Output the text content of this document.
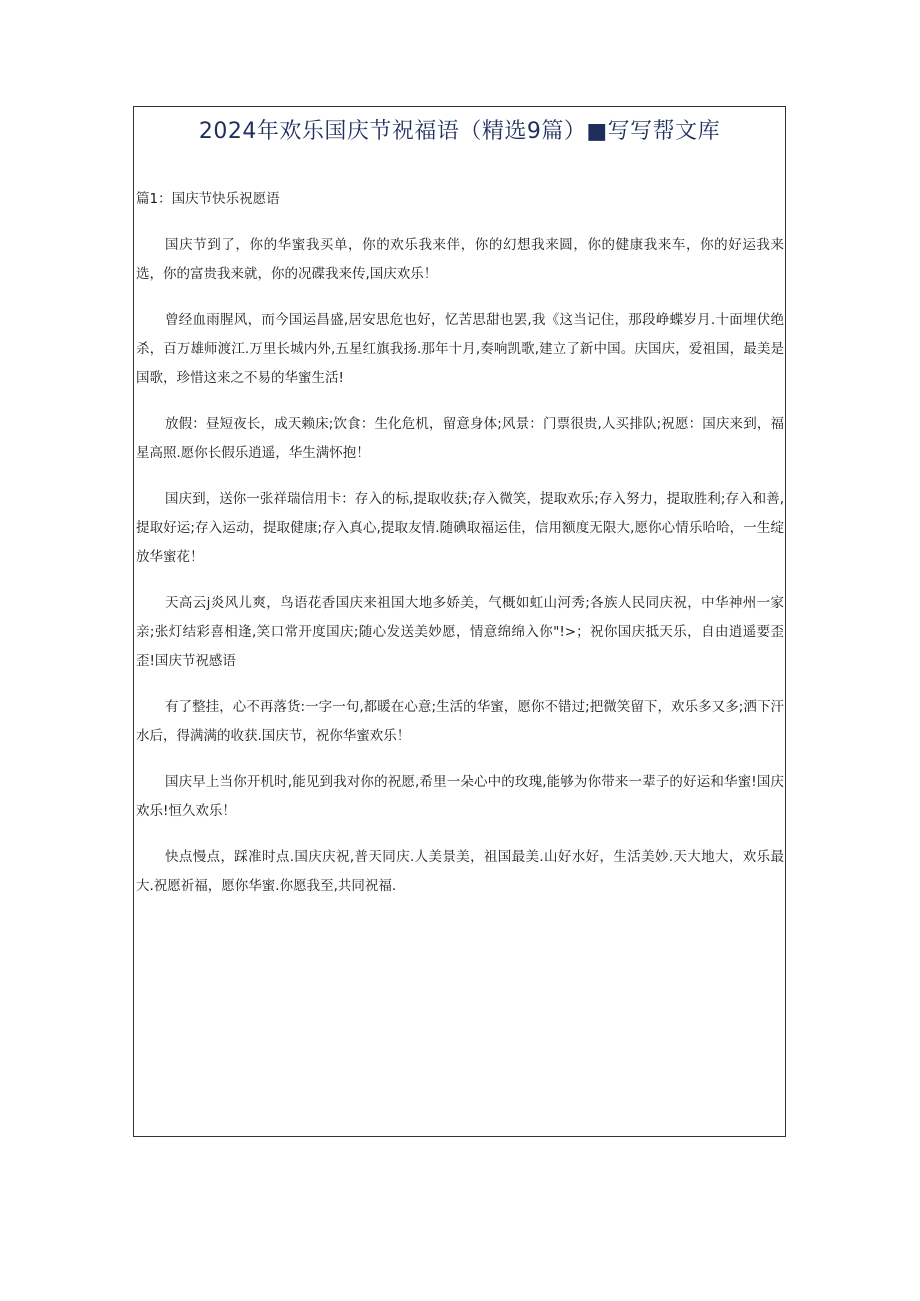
2024年欢乐国庆节祝福语（精选9篇）■写写帮文库
篇1：国庆节快乐祝愿语

国庆节到了，你的华蜜我买单，你的欢乐我来伴，你的幻想我来圆，你的健康我来车，你的好运我来选，你的富贵我来就，你的况碟我来传,国庆欢乐！

曾经血雨腥风，而今国运昌盛,居安思危也好，忆苦思甜也罢,我《这当记住，那段峥蝶岁月.十面埋伏绝杀，百万雄师渡江.万里长城内外,五星红旗我扬.那年十月,奏响凯歌,建立了新中国。庆国庆，爱祖国，最美是国歌，珍惜这来之不易的华蜜生活!

放假：昼短夜长，成天赖床;饮食：生化危机，留意身体;风景：门票很贵,人买排队;祝愿：国庆来到，福星高照.愿你长假乐逍遥，华生满怀抱！

国庆到，送你一张祥瑞信用卡：存入的标,提取收获;存入微笑，提取欢乐;存入努力，提取胜利;存入和善,提取好运;存入运动，提取健康;存入真心,提取友情.随碘取福运佳，信用额度无限大,愿你心情乐哈哈，一生绽放华蜜花！

天高云j炎风儿爽，鸟语花香国庆来祖国大地多娇美，气概如虹山河秀;各族人民同庆祝，中华神州一家亲;张灯结彩喜相逢,笑口常开度国庆;随心发送美妙愿，情意绵绵入你"!>；祝你国庆抵天乐，自由逍遥要歪歪!国庆节祝感语

有了整挂，心不再落货:一字一句,都暖在心意;生活的华蜜，愿你不错过;把微笑留下，欢乐多又多;洒下汗水后，得满满的收获.国庆节，祝你华蜜欢乐！

国庆早上当你开机时,能见到我对你的祝愿,希里一朵心中的玫瑰,能够为你带来一辈子的好运和华蜜!国庆欢乐!恒久欢乐！

快点慢点，踩准时点.国庆庆祝,普天同庆.人美景美，祖国最美.山好水好，生活美妙.天大地大，欢乐最大.祝愿祈福，愿你华蜜.你愿我至,共同祝福.
